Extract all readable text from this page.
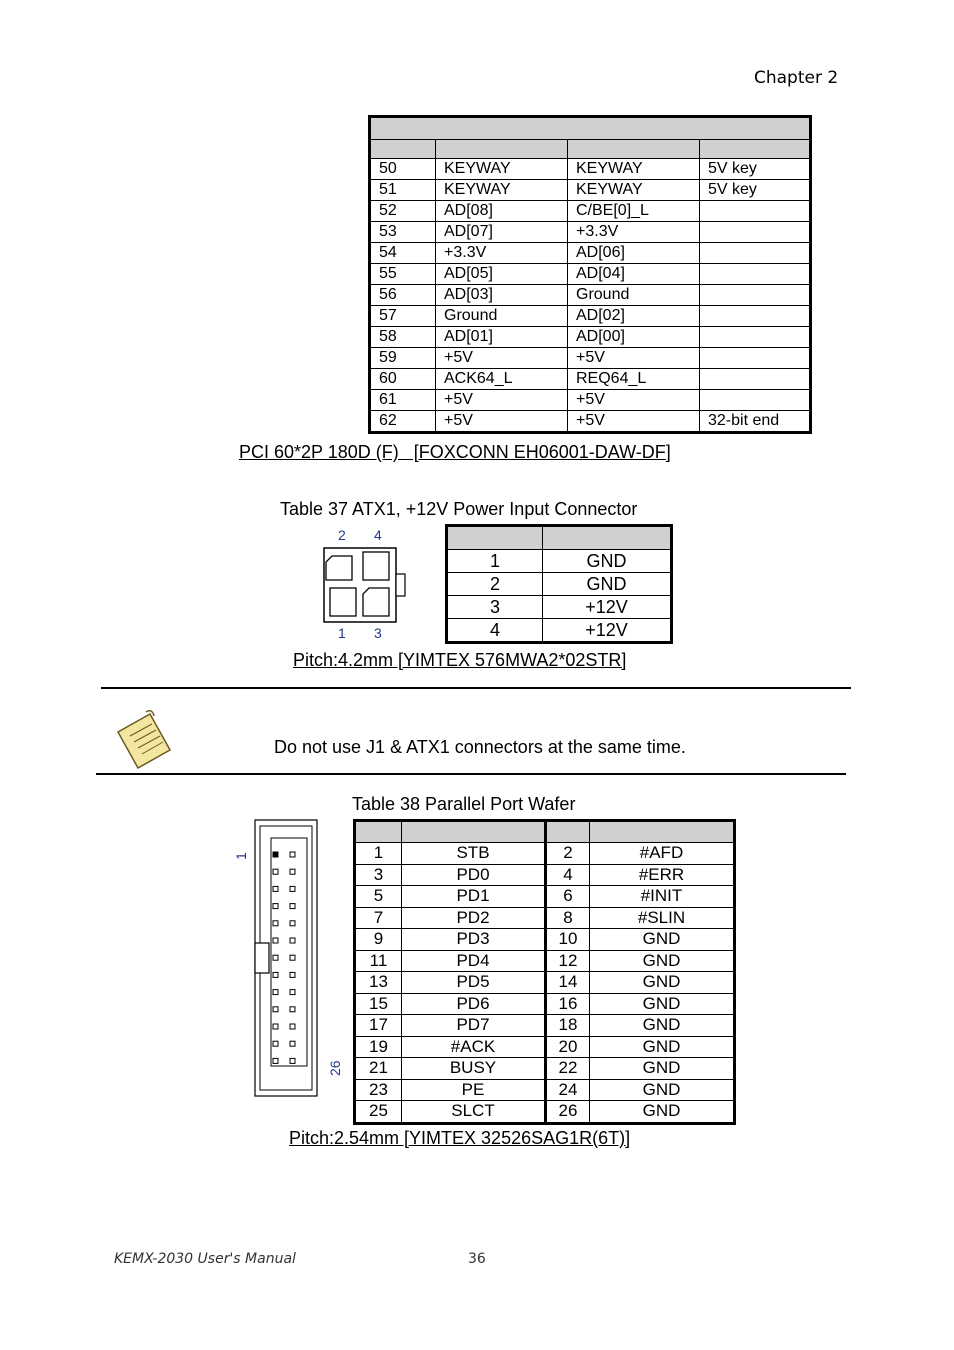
Chapter 2

50	KEYWAY	KEYWAY	5V key
51	KEYWAY	KEYWAY	5V key
52	AD[08]	C/BE[0]_L	
53	AD[07]	+3.3V	
54	+3.3V	AD[06]	
55	AD[05]	AD[04]	
56	AD[03]	Ground	
57	Ground	AD[02]	
58	AD[01]	AD[00]	
59	+5V	+5V	
60	ACK64_L	REQ64_L	
61	+5V	+5V	
62	+5V	+5V	32-bit end
PCI 60*2P 180D (F)   [FOXCONN EH06001-DAW-DF]
Table 37 ATX1, +12V Power Input Connector
2 4
1 3

1	GND
2	GND
3	+12V
4	+12V
Pitch:4.2mm [YIMTEX 576MWA2*02STR]
Do not use J1 & ATX1 connectors at the same time.
Table 38 Parallel Port Wafer
1
26

1	STB	2	#AFD
3	PD0	4	#ERR
5	PD1	6	#INIT
7	PD2	8	#SLIN
9	PD3	10	GND
11	PD4	12	GND
13	PD5	14	GND
15	PD6	16	GND
17	PD7	18	GND
19	#ACK	20	GND
21	BUSY	22	GND
23	PE	24	GND
25	SLCT	26	GND
Pitch:2.54mm [YIMTEX 32526SAG1R(6T)]
KEMX-2030 User's Manual	36
